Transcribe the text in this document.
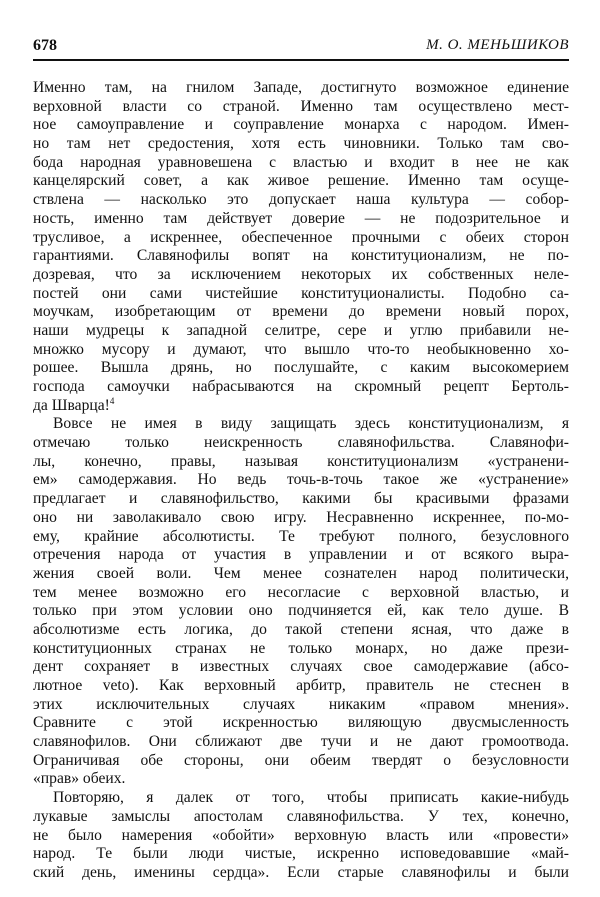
678	М. О. МЕНЬШИКОВ
Именно там, на гнилом Западе, достигнуто возможное единение
верховной власти со страной. Именно там осуществлено мест-
ное самоуправление и соуправление монарха с народом. Имен-
но там нет средостения, хотя есть чиновники. Только там сво-
бода народная уравновешена с властью и входит в нее не как
канцелярский совет, а как живое решение. Именно там осуще-
ствлена — насколько это допускает наша культура — собор-
ность, именно там действует доверие — не подозрительное и
трусливое, а искреннее, обеспеченное прочными с обеих сторон
гарантиями. Славянофилы вопят на конституционализм, не по-
дозревая, что за исключением некоторых их собственных неле-
постей они сами чистейшие конституционалисты. Подобно са-
моучкам, изобретающим от времени до времени новый порох,
наши мудрецы к западной селитре, сере и углю прибавили не-
множко мусору и думают, что вышло что-то необыкновенно хо-
рошее. Вышла дрянь, но послушайте, с каким высокомерием
господа самоучки набрасываются на скромный рецепт Бертоль-
да Шварца!$^4$
Вовсе не имея в виду защищать здесь конституционализм, я
отмечаю только неискренность славянофильства. Славянофи-
лы, конечно, правы, называя конституционализм «устранени-
ем» самодержавия. Но ведь точь-в-точь такое же «устранение»
предлагает и славянофильство, какими бы красивыми фразами
оно ни заволакивало свою игру. Несравненно искреннее, по-мо-
ему, крайние абсолютисты. Те требуют полного, безусловного
отречения народа от участия в управлении и от всякого выра-
жения своей воли. Чем менее сознателен народ политически,
тем менее возможно его несогласие с верховной властью, и
только при этом условии оно подчиняется ей, как тело душе. В
абсолютизме есть логика, до такой степени ясная, что даже в
конституционных странах не только монарх, но даже прези-
дент сохраняет в известных случаях свое самодержавие (абсо-
лютное veto). Как верховный арбитр, правитель не стеснен в
этих исключительных случаях никаким «правом мнения».
Сравните с этой искренностью виляющую двусмысленность
славянофилов. Они сближают две тучи и не дают громоотвода.
Ограничивая обе стороны, они обеим твердят о безусловности
«прав» обеих.
Повторяю, я далек от того, чтобы приписать какие-нибудь
лукавые замыслы апостолам славянофильства. У тех, конечно,
не было намерения «обойти» верховную власть или «провести»
народ. Те были люди чистые, искренно исповедовавшие «май-
ский день, именины сердца». Если старые славянофилы и были
